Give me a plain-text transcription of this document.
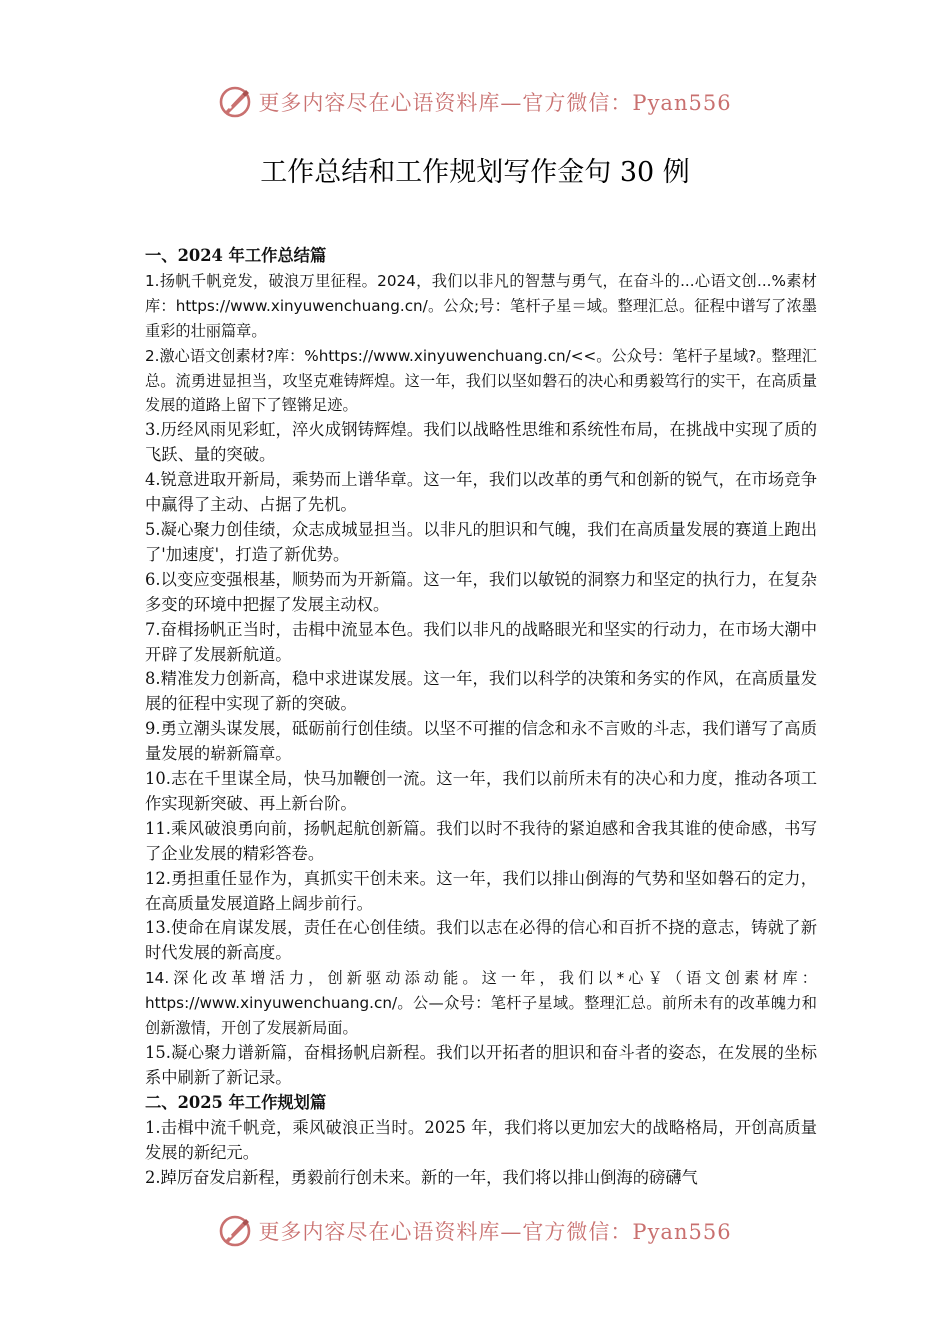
更多内容尽在心语资料库—官方微信：Pyan556
工作总结和工作规划写作金句 30 例

一、2024 年工作总结篇

1.扬帆千帆竞发，破浪万里征程。2024，我们以非凡的智慧与勇气，在奋斗的...心语文创...%素材库：https://www.xinyuwenchuang.cn/。公众;号：笔杆子星＝域。整理汇总。征程中谱写了浓墨重彩的壮丽篇章。

2.激心语文创素材?库：%https://www.xinyuwenchuang.cn/<<。公众号：笔杆子星域?。整理汇总。流勇进显担当，攻坚克难铸辉煌。这一年，我们以坚如磐石的决心和勇毅笃行的实干，在高质量发展的道路上留下了铿锵足迹。

3.历经风雨见彩虹，淬火成钢铸辉煌。我们以战略性思维和系统性布局，在挑战中实现了质的飞跃、量的突破。

4.锐意进取开新局，乘势而上谱华章。这一年，我们以改革的勇气和创新的锐气，在市场竞争中赢得了主动、占据了先机。

5.凝心聚力创佳绩，众志成城显担当。以非凡的胆识和气魄，我们在高质量发展的赛道上跑出了'加速度'，打造了新优势。

6.以变应变强根基，顺势而为开新篇。这一年，我们以敏锐的洞察力和坚定的执行力，在复杂多变的环境中把握了发展主动权。

7.奋楫扬帆正当时，击楫中流显本色。我们以非凡的战略眼光和坚实的行动力，在市场大潮中开辟了发展新航道。

8.精准发力创新高，稳中求进谋发展。这一年，我们以科学的决策和务实的作风，在高质量发展的征程中实现了新的突破。

9.勇立潮头谋发展，砥砺前行创佳绩。以坚不可摧的信念和永不言败的斗志，我们谱写了高质量发展的崭新篇章。

10.志在千里谋全局，快马加鞭创一流。这一年，我们以前所未有的决心和力度，推动各项工作实现新突破、再上新台阶。

11.乘风破浪勇向前，扬帆起航创新篇。我们以时不我待的紧迫感和舍我其谁的使命感，书写了企业发展的精彩答卷。

12.勇担重任显作为，真抓实干创未来。这一年，我们以排山倒海的气势和坚如磐石的定力，在高质量发展道路上阔步前行。

13.使命在肩谋发展，责任在心创佳绩。我们以志在必得的信心和百折不挠的意志，铸就了新时代发展的新高度。

14.深化改革增活力，创新驱动添动能。这一年，我们以*心￥（语文创素材库：https://www.xinyuwenchuang.cn/。公—众号：笔杆子星域。整理汇总。前所未有的改革魄力和创新激情，开创了发展新局面。

15.凝心聚力谱新篇，奋楫扬帆启新程。我们以开拓者的胆识和奋斗者的姿态，在发展的坐标系中刷新了新记录。

二、2025 年工作规划篇

1.击楫中流千帆竞，乘风破浪正当时。2025 年，我们将以更加宏大的战略格局，开创高质量发展的新纪元。

2.踔厉奋发启新程，勇毅前行创未来。新的一年，我们将以排山倒海的磅礴气

更多内容尽在心语资料库—官方微信：Pyan556
